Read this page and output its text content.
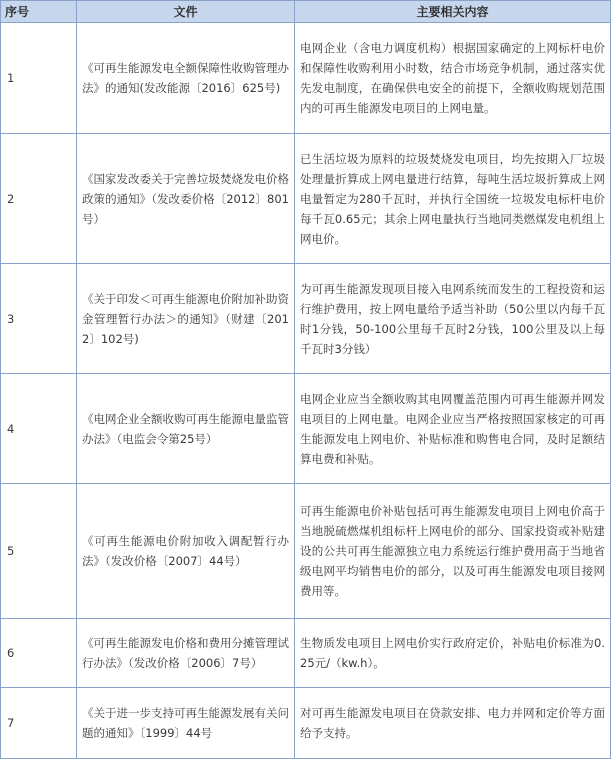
序号	文件	主要相关内容
1	《可再生能源发电全额保障性收购管理办法》的通知(发改能源〔2016〕625号)	电网企业（含电力调度机构）根据国家确定的上网标杆电价和保障性收购利用小时数，结合市场竞争机制，通过落实优先发电制度，在确保供电安全的前提下，全额收购规划范围内的可再生能源发电项目的上网电量。
2	《国家发改委关于完善垃圾焚烧发电价格政策的通知》（发改委价格〔2012〕801号）	已生活垃圾为原料的垃圾焚烧发电项目，均先按期入厂垃圾处理量折算成上网电量进行结算，每吨生活垃圾折算成上网电量暂定为280千瓦时，并执行全国统一垃圾发电标杆电价每千瓦0.65元；其余上网电量执行当地同类燃煤发电机组上网电价。
3	《关于印发＜可再生能源电价附加补助资金管理暂行办法＞的通知》（财建〔2012〕102号)	为可再生能源发现项目接入电网系统而发生的工程投资和运行维护费用，按上网电量给予适当补助（50公里以内每千瓦时1分钱，50-100公里每千瓦时2分钱，100公里及以上每千瓦时3分钱）
4	《电网企业全额收购可再生能源电量监管办法》（电监会令第25号）	电网企业应当全额收购其电网覆盖范围内可再生能源并网发电项目的上网电量。电网企业应当严格按照国家核定的可再生能源发电上网电价、补贴标准和购售电合同，及时足额结算电费和补贴。
5	《可再生能源电价附加收入调配暂行办法》（发改价格〔2007〕44号）	可再生能源电价补贴包括可再生能源发电项目上网电价高于当地脱硫燃煤机组标杆上网电价的部分、国家投资或补贴建设的公共可再生能源独立电力系统运行维护费用高于当地省级电网平均销售电价的部分，以及可再生能源发电项目接网费用等。
6	《可再生能源发电价格和费用分摊管理试行办法》（发改价格〔2006〕7号）	生物质发电项目上网电价实行政府定价，补贴电价标准为0.25元/（kw.h）。
7	《关于进一步支持可再生能源发展有关问题的通知》〔1999〕44号	对可再生能源发电项目在贷款安排、电力并网和定价等方面给予支持。
